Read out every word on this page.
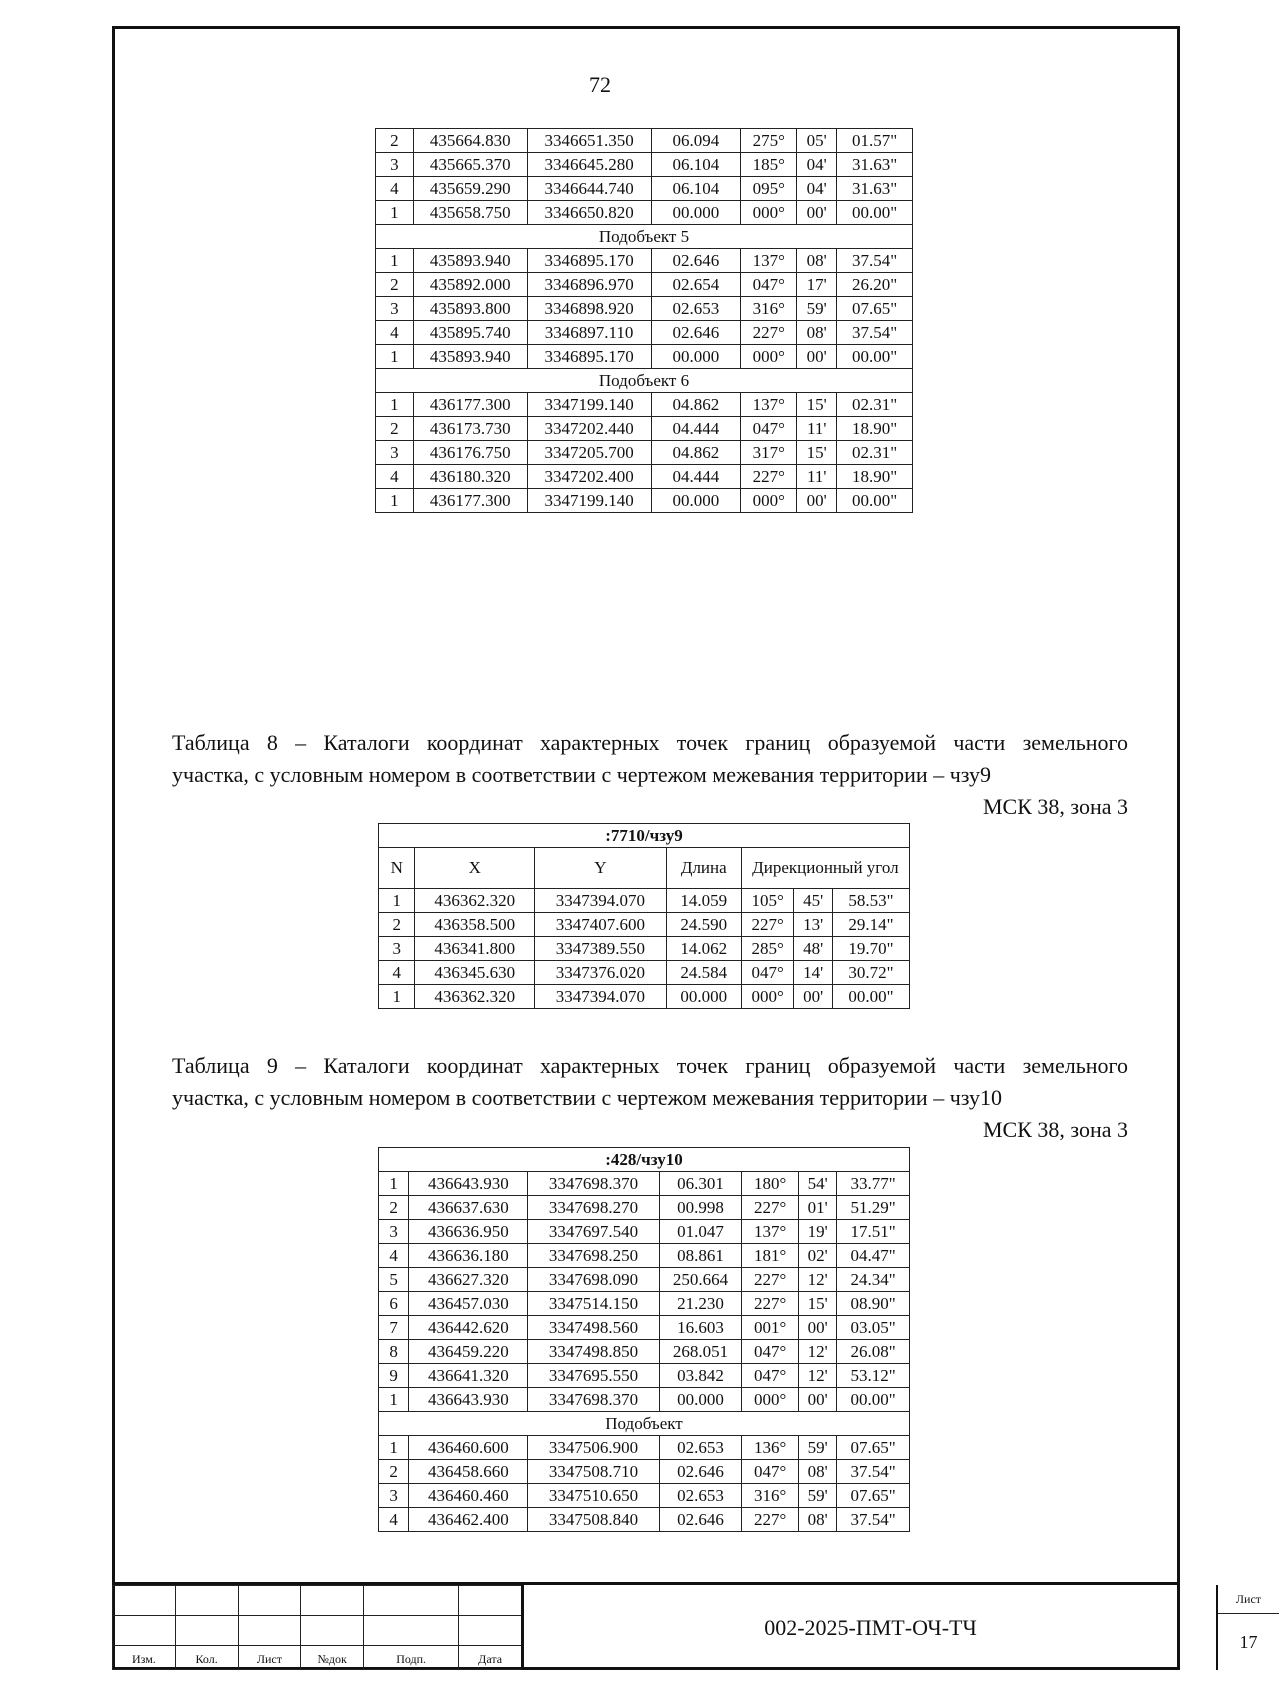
72
2	435664.830	3346651.350	06.094	275°	05'	01.57"
3	435665.370	3346645.280	06.104	185°	04'	31.63"
4	435659.290	3346644.740	06.104	095°	04'	31.63"
1	435658.750	3346650.820	00.000	000°	00'	00.00"
Подобъект 5						
1	435893.940	3346895.170	02.646	137°	08'	37.54"
2	435892.000	3346896.970	02.654	047°	17'	26.20"
3	435893.800	3346898.920	02.653	316°	59'	07.65"
4	435895.740	3346897.110	02.646	227°	08'	37.54"
1	435893.940	3346895.170	00.000	000°	00'	00.00"
Подобъект 6						
1	436177.300	3347199.140	04.862	137°	15'	02.31"
2	436173.730	3347202.440	04.444	047°	11'	18.90"
3	436176.750	3347205.700	04.862	317°	15'	02.31"
4	436180.320	3347202.400	04.444	227°	11'	18.90"
1	436177.300	3347199.140	00.000	000°	00'	00.00"
Таблица 8 – Каталоги координат характерных точек границ образуемой части земельного
участка, с условным номером в соответствии с чертежом межевания территории – чзу9
МСК 38, зона 3
:7710/чзу9						
N	X	Y	Длина	Дирекционный угол		
1	436362.320	3347394.070	14.059	105°	45'	58.53"
2	436358.500	3347407.600	24.590	227°	13'	29.14"
3	436341.800	3347389.550	14.062	285°	48'	19.70"
4	436345.630	3347376.020	24.584	047°	14'	30.72"
1	436362.320	3347394.070	00.000	000°	00'	00.00"
Таблица 9 – Каталоги координат характерных точек границ образуемой части земельного
участка, с условным номером в соответствии с чертежом межевания территории – чзу10
МСК 38, зона 3
:428/чзу10						
1	436643.930	3347698.370	06.301	180°	54'	33.77"
2	436637.630	3347698.270	00.998	227°	01'	51.29"
3	436636.950	3347697.540	01.047	137°	19'	17.51"
4	436636.180	3347698.250	08.861	181°	02'	04.47"
5	436627.320	3347698.090	250.664	227°	12'	24.34"
6	436457.030	3347514.150	21.230	227°	15'	08.90"
7	436442.620	3347498.560	16.603	001°	00'	03.05"
8	436459.220	3347498.850	268.051	047°	12'	26.08"
9	436641.320	3347695.550	03.842	047°	12'	53.12"
1	436643.930	3347698.370	00.000	000°	00'	00.00"
Подобъект						
1	436460.600	3347506.900	02.653	136°	59'	07.65"
2	436458.660	3347508.710	02.646	047°	08'	37.54"
3	436460.460	3347510.650	02.653	316°	59'	07.65"
4	436462.400	3347508.840	02.646	227°	08'	37.54"

Изм.	Кол.	Лист	№док	Подп.	Дата
002-2025-ПМТ-ОЧ-ТЧ
Лист
17
